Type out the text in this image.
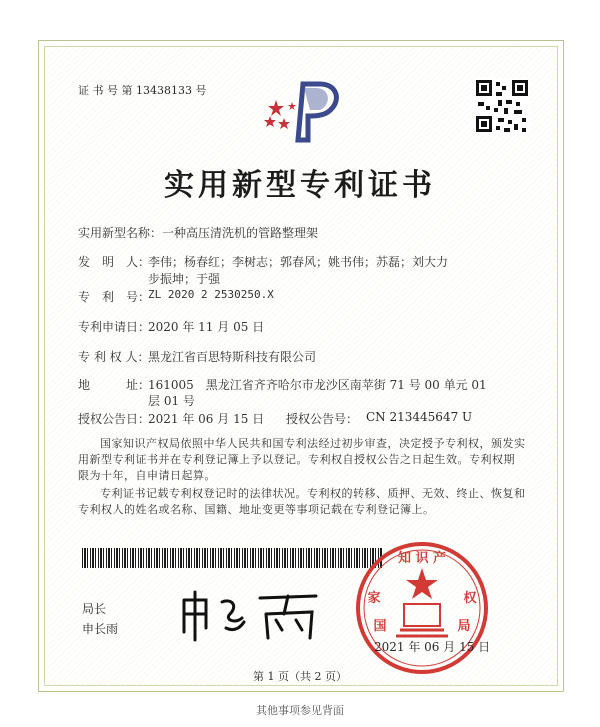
证 书 号 第 13438133 号
实用新型专利证书
实用新型名称： 一种高压清洗机的管路整理架
发　明　人：
李伟；杨春红；李树志；郭春风；姚书伟；苏磊；刘大力
步振坤；于强
专　利　号：
ZL 2020 2 2530250.X
专利申请日：
2020 年 11 月 05 日
专 利 权 人：
黑龙江省百思特斯科技有限公司
地　　　址：
161005　黑龙江省齐齐哈尔市龙沙区南苹街 71 号 00 单元 01
层 01 号
授权公告日：
2021 年 06 月 15 日 授权公告号： CN 213445647 U
国家知识产权局依照中华人民共和国专利法经过初步审查，决定授予专利权，颁发实用新型专利证书并在专利登记簿上予以登记。专利权自授权公告之日起生效。专利权期限为十年，自申请日起算。
专利证书记载专利权登记时的法律状况。专利权的转移、质押、无效、终止、恢复和专利权人的姓名或名称、国籍、地址变更等事项记载在专利登记簿上。
局长
申长雨
知 识 产
家	权
国	局
2021 年 06 月 15 日
第 1 页（共 2 页）
其他事项参见背面
